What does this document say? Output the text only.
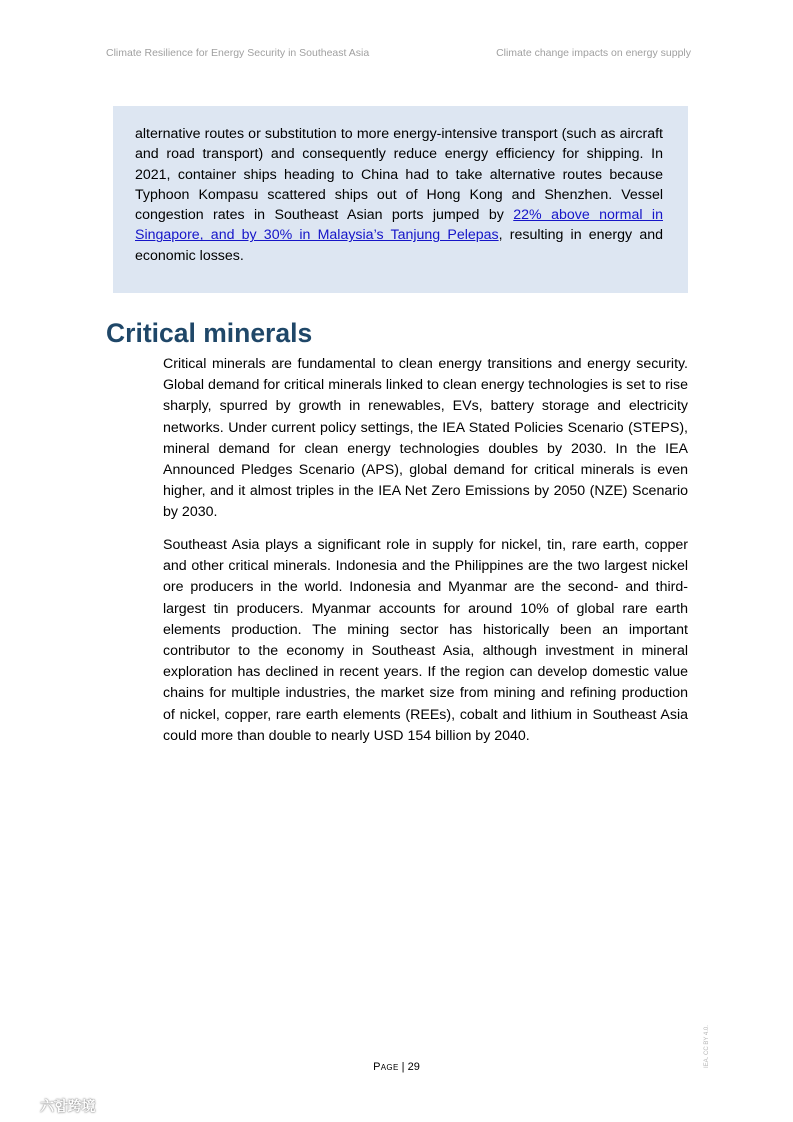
Climate Resilience for Energy Security in Southeast Asia	Climate change impacts on energy supply

alternative routes or substitution to more energy-intensive transport (such as aircraft and road transport) and consequently reduce energy efficiency for shipping. In 2021, container ships heading to China had to take alternative routes because Typhoon Kompasu scattered ships out of Hong Kong and Shenzhen. Vessel congestion rates in Southeast Asian ports jumped by 22% above normal in Singapore, and by 30% in Malaysia’s Tanjung Pelepas, resulting in energy and economic losses.

Critical minerals

Critical minerals are fundamental to clean energy transitions and energy security. Global demand for critical minerals linked to clean energy technologies is set to rise sharply, spurred by growth in renewables, EVs, battery storage and electricity networks. Under current policy settings, the IEA Stated Policies Scenario (STEPS), mineral demand for clean energy technologies doubles by 2030. In the IEA Announced Pledges Scenario (APS), global demand for critical minerals is even higher, and it almost triples in the IEA Net Zero Emissions by 2050 (NZE) Scenario by 2030.

Southeast Asia plays a significant role in supply for nickel, tin, rare earth, copper and other critical minerals. Indonesia and the Philippines are the two largest nickel ore producers in the world. Indonesia and Myanmar are the second- and third-largest tin producers. Myanmar accounts for around 10% of global rare earth elements production. The mining sector has historically been an important contributor to the economy in Southeast Asia, although investment in mineral exploration has declined in recent years. If the region can develop domestic value chains for multiple industries, the market size from mining and refining production of nickel, copper, rare earth elements (REEs), cobalt and lithium in Southeast Asia could more than double to nearly USD 154 billion by 2040.

Page | 29	IEA. CC BY 4.0.
六합跨境
